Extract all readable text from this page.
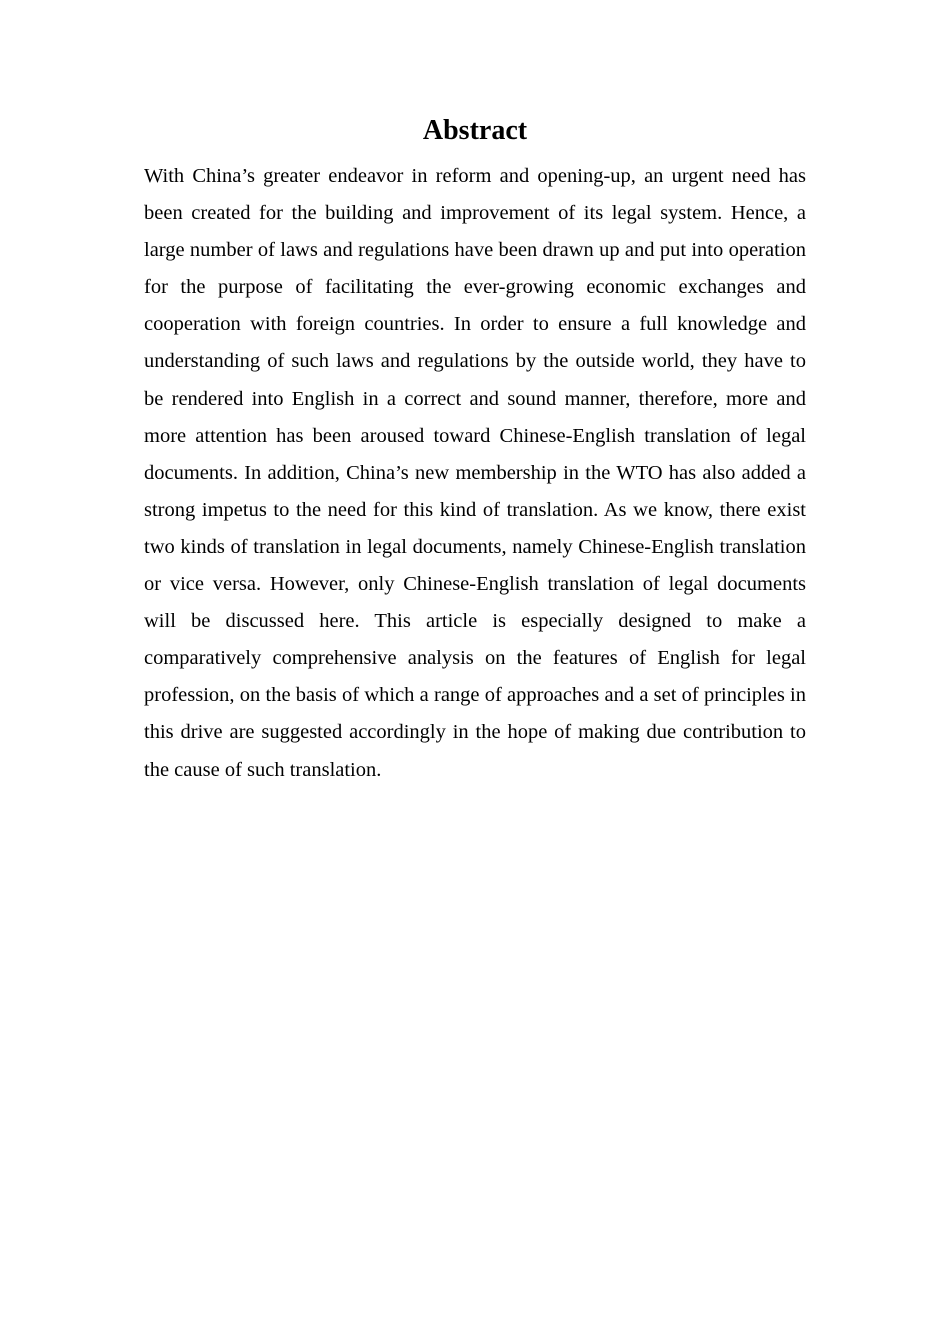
Abstract

With China’s greater endeavor in reform and opening-up, an urgent need has been created for the building and improvement of its legal system. Hence, a large number of laws and regulations have been drawn up and put into operation for the purpose of facilitating the ever-growing economic exchanges and cooperation with foreign countries. In order to ensure a full knowledge and understanding of such laws and regulations by the outside world, they have to be rendered into English in a correct and sound manner, therefore, more and more attention has been aroused toward Chinese-English translation of legal documents. In addition, China’s new membership in the WTO has also added a strong impetus to the need for this kind of translation. As we know, there exist two kinds of translation in legal documents, namely Chinese-English translation or vice versa. However, only Chinese-English translation of legal documents will be discussed here. This article is especially designed to make a comparatively comprehensive analysis on the features of English for legal profession, on the basis of which a range of approaches and a set of principles in this drive are suggested accordingly in the hope of making due contribution to the cause of such translation.
